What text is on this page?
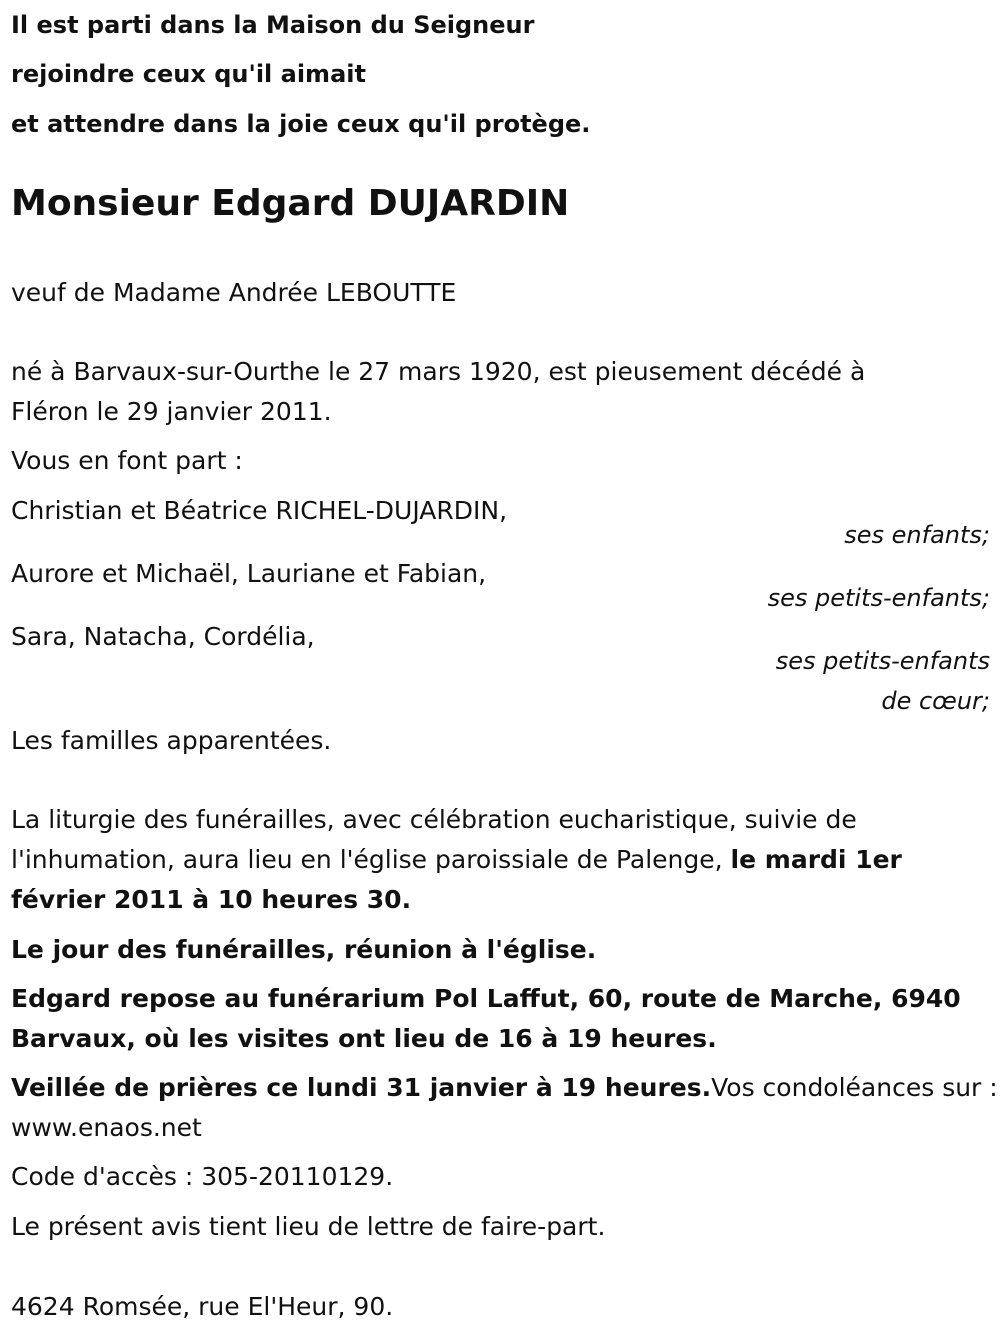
Il est parti dans la Maison du Seigneur
rejoindre ceux qu'il aimait
et attendre dans la joie ceux qu'il protège.
Monsieur Edgard DUJARDIN
veuf de Madame Andrée LEBOUTTE
né à Barvaux-sur-Ourthe le 27 mars 1920, est pieusement décédé à
Fléron le 29 janvier 2011.
Vous en font part :
Christian et Béatrice RICHEL-DUJARDIN,
ses enfants;
Aurore et Michaël, Lauriane et Fabian,
ses petits-enfants;
Sara, Natacha, Cordélia,
ses petits-enfants
de cœur;
Les familles apparentées.
La liturgie des funérailles, avec célébration eucharistique, suivie de
l'inhumation, aura lieu en l'église paroissiale de Palenge, le mardi 1er
février 2011 à 10 heures 30.
Le jour des funérailles, réunion à l'église.
Edgard repose au funérarium Pol Laffut, 60, route de Marche, 6940
Barvaux, où les visites ont lieu de 16 à 19 heures.
Veillée de prières ce lundi 31 janvier à 19 heures.Vos condoléances sur :
www.enaos.net
Code d'accès : 305-20110129.
Le présent avis tient lieu de lettre de faire-part.
4624 Romsée, rue El'Heur, 90.
